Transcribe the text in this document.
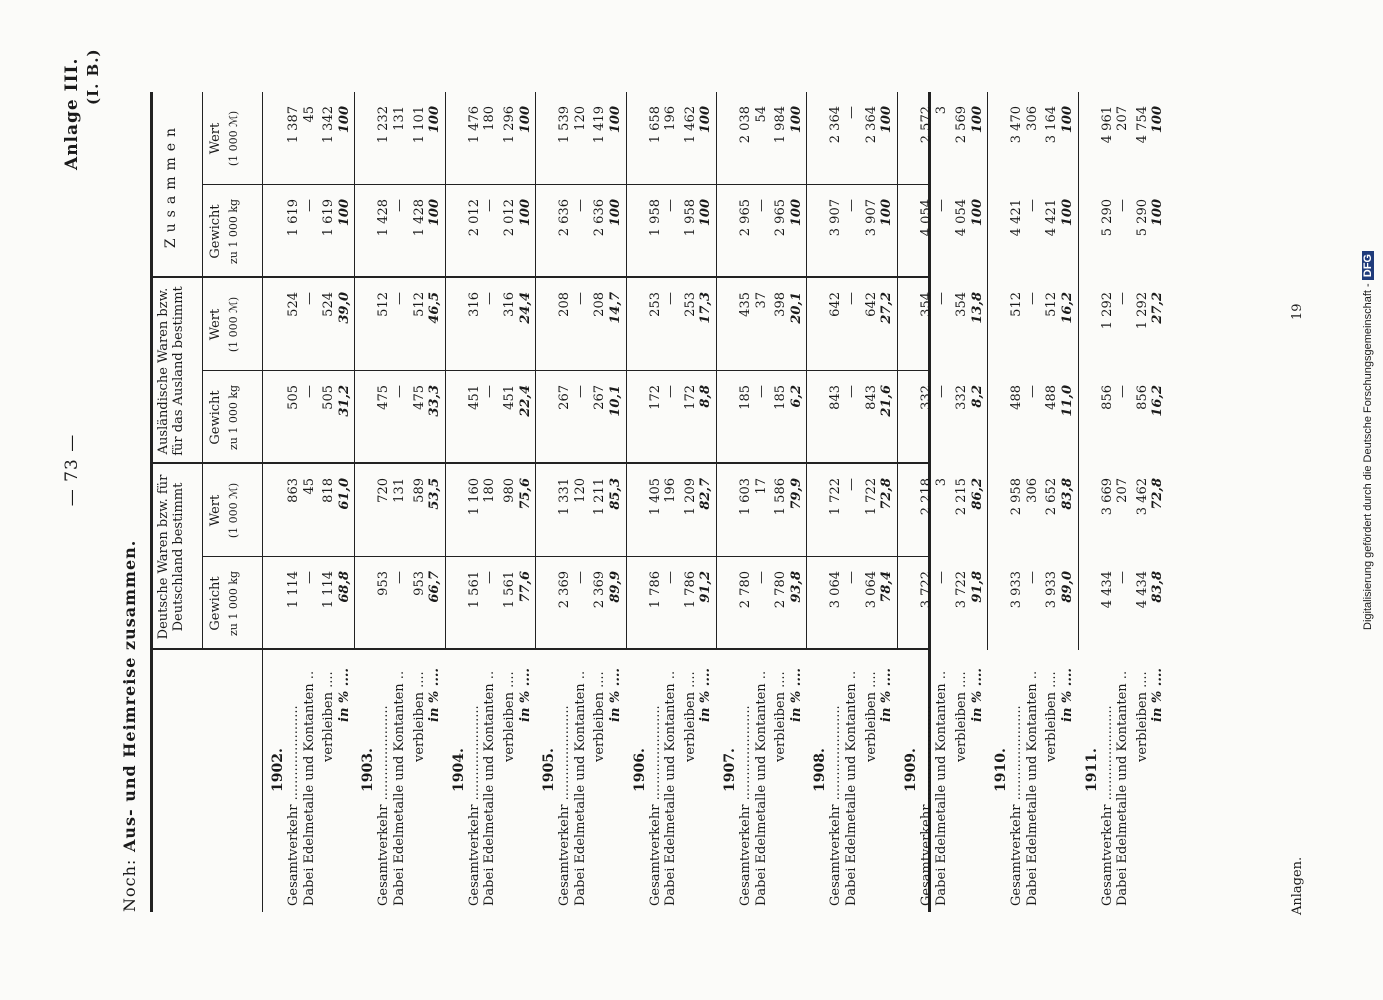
— 73 —
Anlage III. (I. B.)
Noch:
Aus- und Heimreise zusammen. Deutsche Waren bzw. für Deutschland bestimmt Gewicht zu 1 000 kg
Wert (1 000 ℳ)
Ausländische Waren bzw. für das Ausland bestimmt Gewicht zu 1 000 kg
Wert (1 000 ℳ)
Zusammen Gewicht zu 1 000 kg
Wert (1 000 ℳ)
1902. Gesamtverkehr .......................
1 114
863
505
524
1 619
1 387
Dabei Edelmetalle und Kontanten ..
—
45
—
—
—
45
verbleiben ....
1 114
818
505
524
1 619
1 342
in % ....
68,8
61,0
31,2
39,0
100
100
1903. Gesamtverkehr .......................
953
720
475
512
1 428
1 232
Dabei Edelmetalle und Kontanten ..
—
131
—
—
—
131
verbleiben ....
953
589
475
512
1 428
1 101
in % ....
66,7
53,5
33,3
46,5
100
100
1904. Gesamtverkehr .......................
1 561
1 160
451
316
2 012
1 476
Dabei Edelmetalle und Kontanten ..
—
180
—
—
—
180
verbleiben ....
1 561
980
451
316
2 012
1 296
in % ....
77,6
75,6
22,4
24,4
100
100
1905. Gesamtverkehr .......................
2 369
1 331
267
208
2 636
1 539
Dabei Edelmetalle und Kontanten ..
—
120
—
—
—
120
verbleiben ....
2 369
1 211
267
208
2 636
1 419
in % ....
89,9
85,3
10,1
14,7
100
100
1906. Gesamtverkehr .......................
1 786
1 405
172
253
1 958
1 658
Dabei Edelmetalle und Kontanten ..
—
196
—
—
—
196
verbleiben ....
1 786
1 209
172
253
1 958
1 462
in % ....
91,2
82,7
8,8
17,3
100
100
1907. Gesamtverkehr .......................
2 780
1 603
185
435
2 965
2 038
Dabei Edelmetalle und Kontanten ..
—
17
—
37
—
54
verbleiben ....
2 780
1 586
185
398
2 965
1 984
in % ....
93,8
79,9
6,2
20,1
100
100
1908. Gesamtverkehr .......................
3 064
1 722
843
642
3 907
2 364
Dabei Edelmetalle und Kontanten ..
—
—
—
—
—
—
verbleiben ....
3 064
1 722
843
642
3 907
2 364
in % ....
78,4
72,8
21,6
27,2
100
100
1909. Gesamtverkehr .......................
3 722
2 218
332
354
4 054
2 572
Dabei Edelmetalle und Kontanten ..
—
3
—
—
—
3
verbleiben ....
3 722
2 215
332
354
4 054
2 569
in % ....
91,8
86,2
8,2
13,8
100
100
1910. Gesamtverkehr .......................
3 933
2 958
488
512
4 421
3 470
Dabei Edelmetalle und Kontanten ..
—
306
—
—
—
306
verbleiben ....
3 933
2 652
488
512
4 421
3 164
in % ....
89,0
83,8
11,0
16,2
100
100
1911. Gesamtverkehr .......................
4 434
3 669
856
1 292
5 290
4 961
Dabei Edelmetalle und Kontanten ..
—
207
—
—
—
207
verbleiben ....
4 434
3 462
856
1 292
5 290
4 754
in % ....
83,8
72,8
16,2
27,2
100
100
Anlagen.
19	Digitalisierung gefördert durch die Deutsche Forschungsgemeinschaft - DFG
